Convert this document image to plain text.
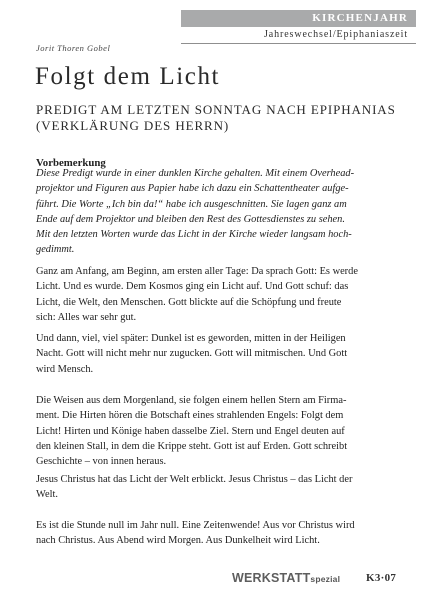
KIRCHENJAHR
Jahreswechsel/Epiphaniaszeit
Jorit Thoren Gobel
Folgt dem Licht
PREDIGT AM LETZTEN SONNTAG NACH EPIPHANIAS
(VERKLÄRUNG DES HERRN)
Vorbemerkung
Diese Predigt wurde in einer dunklen Kirche gehalten. Mit einem Overhead-
projektor und Figuren aus Papier habe ich dazu ein Schattentheater aufge-
führt. Die Worte „Ich bin da!“ habe ich ausgeschnitten. Sie lagen ganz am
Ende auf dem Projektor und bleiben den Rest des Gottesdienstes zu sehen.
Mit den letzten Worten wurde das Licht in der Kirche wieder langsam hoch-
gedimmt.
Ganz am Anfang, am Beginn, am ersten aller Tage: Da sprach Gott: Es werde
Licht. Und es wurde. Dem Kosmos ging ein Licht auf. Und Gott schuf: das
Licht, die Welt, den Menschen. Gott blickte auf die Schöpfung und freute
sich: Alles war sehr gut.
Und dann, viel, viel später: Dunkel ist es geworden, mitten in der Heiligen
Nacht. Gott will nicht mehr nur zugucken. Gott will mitmischen. Und Gott
wird Mensch.
Die Weisen aus dem Morgenland, sie folgen einem hellen Stern am Firma-
ment. Die Hirten hören die Botschaft eines strahlenden Engels: Folgt dem
Licht! Hirten und Könige haben dasselbe Ziel. Stern und Engel deuten auf
den kleinen Stall, in dem die Krippe steht. Gott ist auf Erden. Gott schreibt
Geschichte – von innen heraus.
Jesus Christus hat das Licht der Welt erblickt. Jesus Christus – das Licht der
Welt.
Es ist die Stunde null im Jahr null. Eine Zeitenwende! Aus vor Christus wird
nach Christus. Aus Abend wird Morgen. Aus Dunkelheit wird Licht.
WERKSTATTspezial K3·07
